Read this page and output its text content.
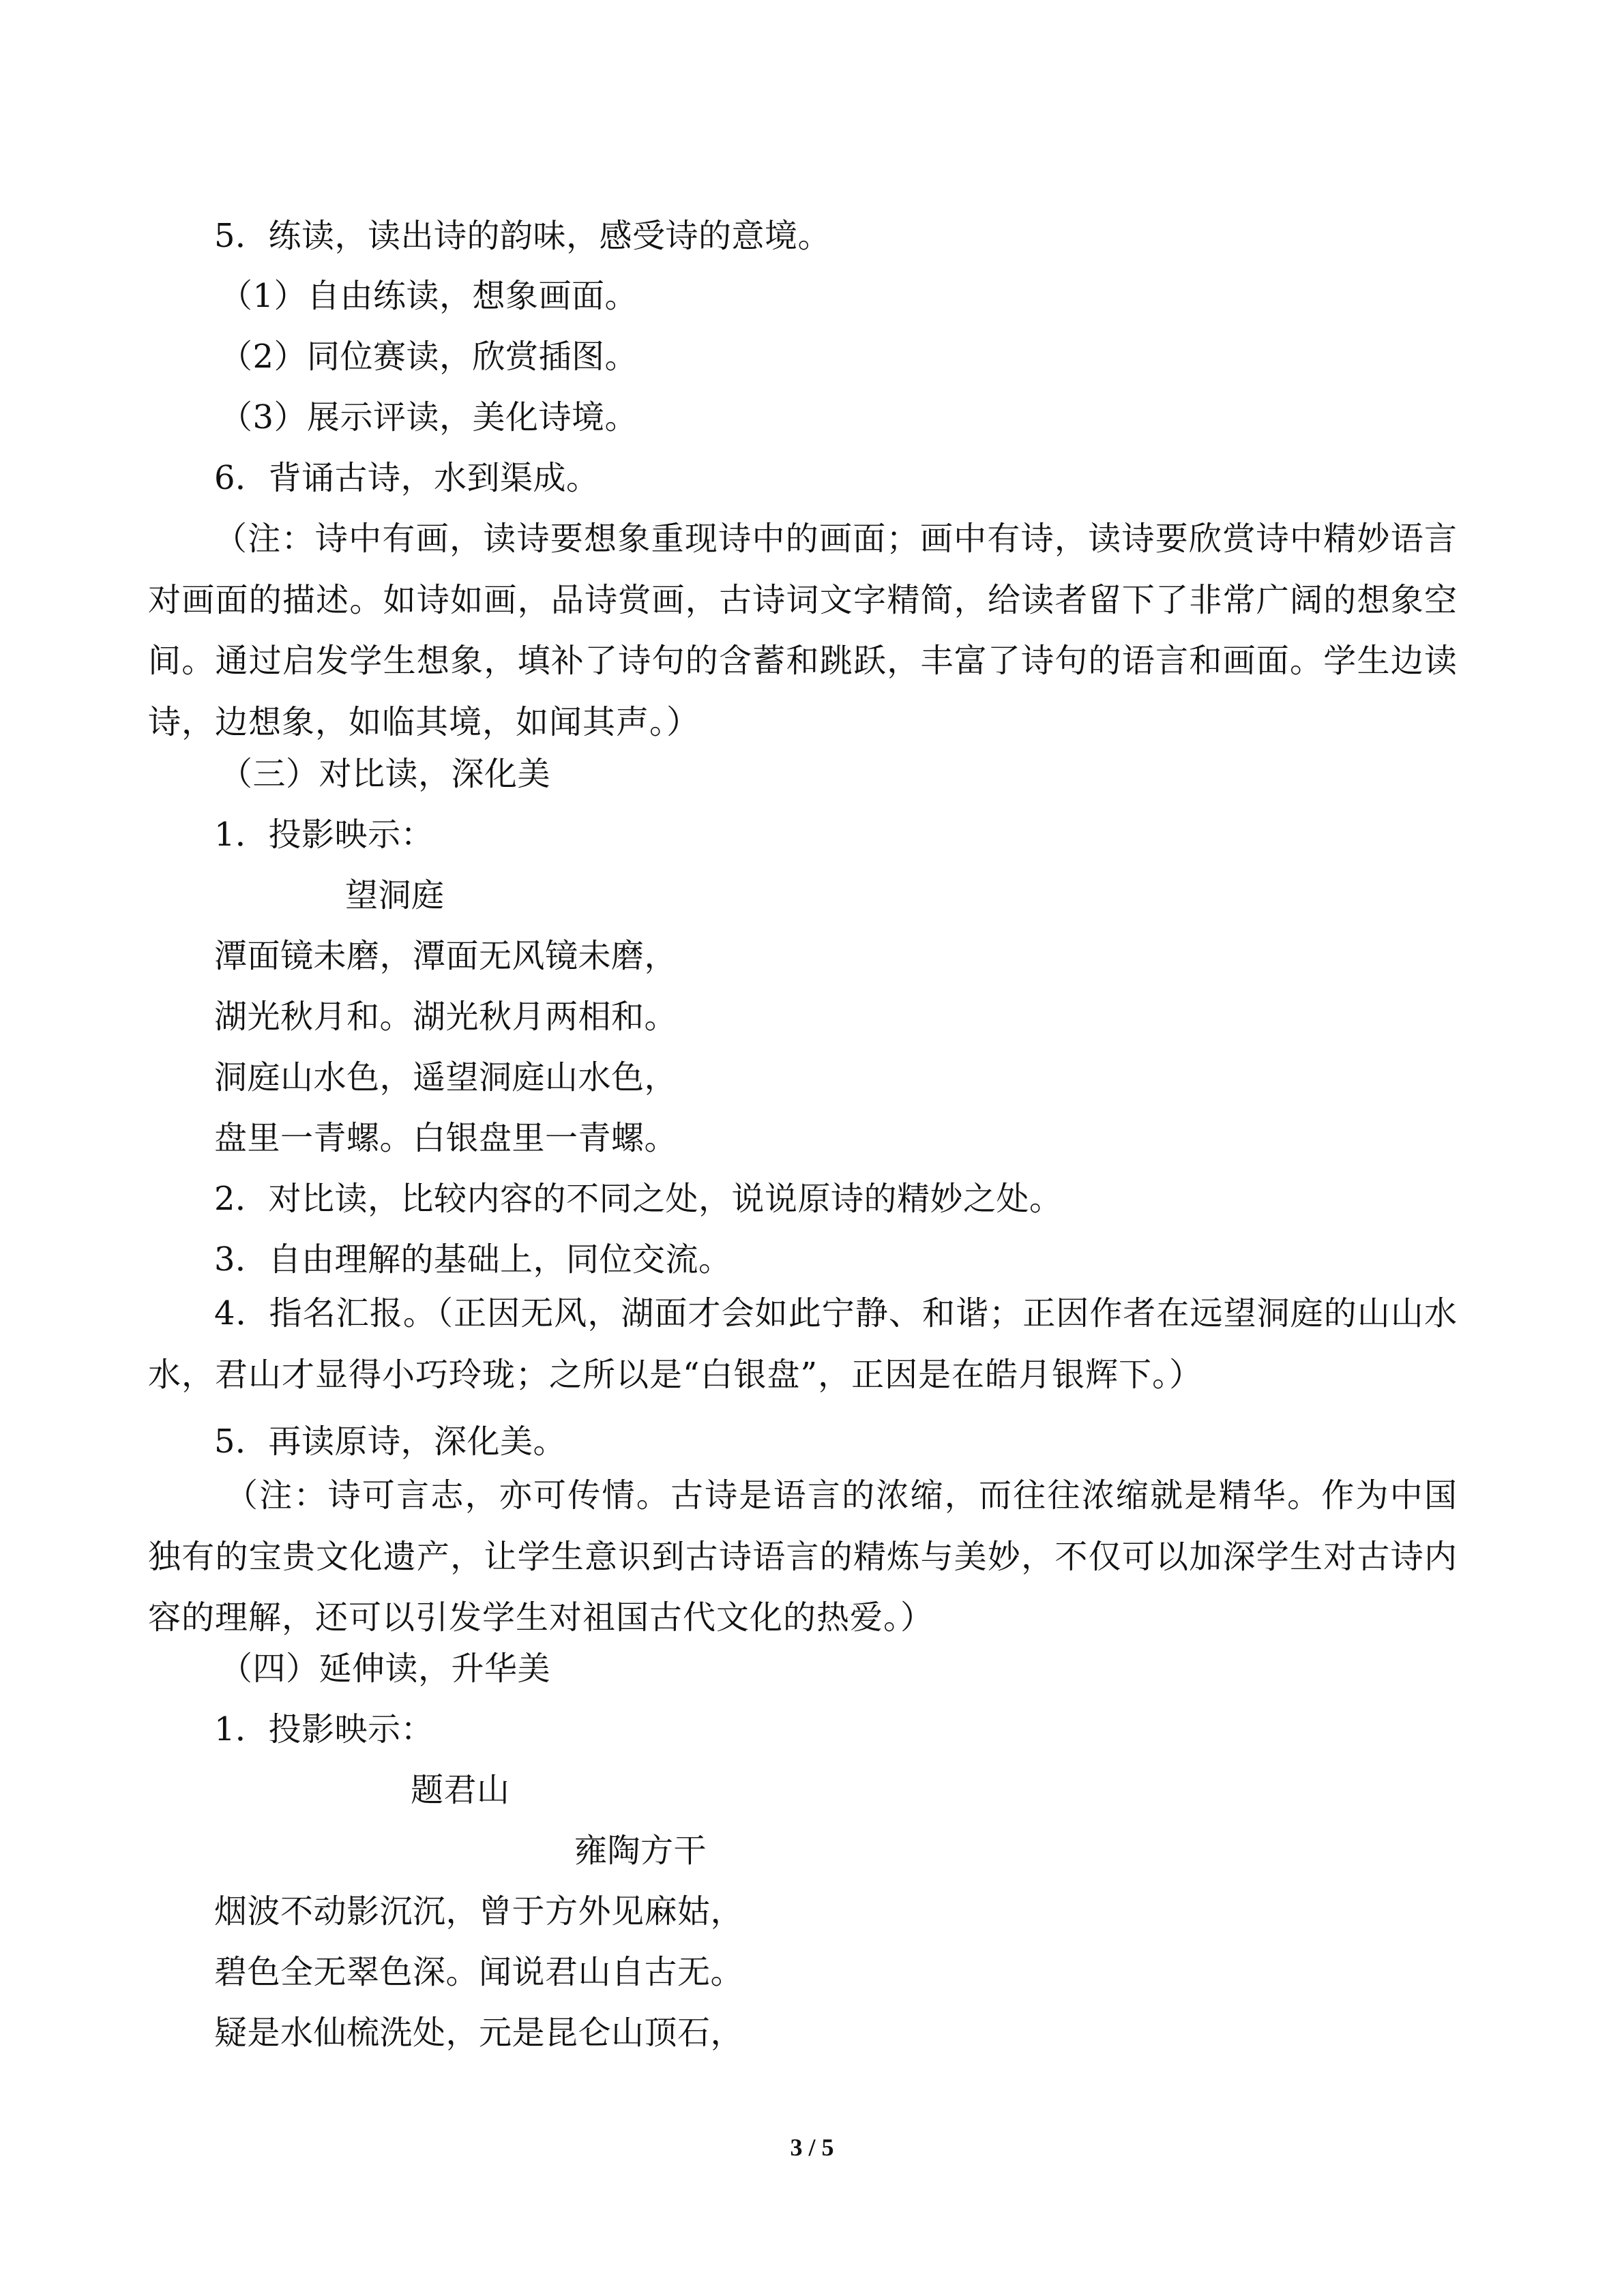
5．练读，读出诗的韵味，感受诗的意境。

（1）自由练读，想象画面。

（2）同位赛读，欣赏插图。

（3）展示评读，美化诗境。

6．背诵古诗，水到渠成。

（注：诗中有画，读诗要想象重现诗中的画面；画中有诗，读诗要欣赏诗中精妙语言对画面的描述。如诗如画，品诗赏画，古诗词文字精简，给读者留下了非常广阔的想象空间。通过启发学生想象，填补了诗句的含蓄和跳跃，丰富了诗句的语言和画面。学生边读诗，边想象，如临其境，如闻其声。）

（三）对比读，深化美

1．投影映示：

望洞庭

潭面镜未磨，潭面无风镜未磨，

湖光秋月和。湖光秋月两相和。

洞庭山水色，遥望洞庭山水色，

盘里一青螺。白银盘里一青螺。

2．对比读，比较内容的不同之处，说说原诗的精妙之处。

3．自由理解的基础上，同位交流。

4．指名汇报。（正因无风，湖面才会如此宁静、和谐；正因作者在远望洞庭的山山水水，君山才显得小巧玲珑；之所以是“白银盘”，正因是在皓月银辉下。）

5．再读原诗，深化美。

（注：诗可言志，亦可传情。古诗是语言的浓缩，而往往浓缩就是精华。作为中国独有的宝贵文化遗产，让学生意识到古诗语言的精炼与美妙，不仅可以加深学生对古诗内容的理解，还可以引发学生对祖国古代文化的热爱。）

（四）延伸读，升华美

1．投影映示：

题君山

雍陶方干

烟波不动影沉沉，曾于方外见麻姑，

碧色全无翠色深。闻说君山自古无。

疑是水仙梳洗处，元是昆仑山顶石，

3 / 5
